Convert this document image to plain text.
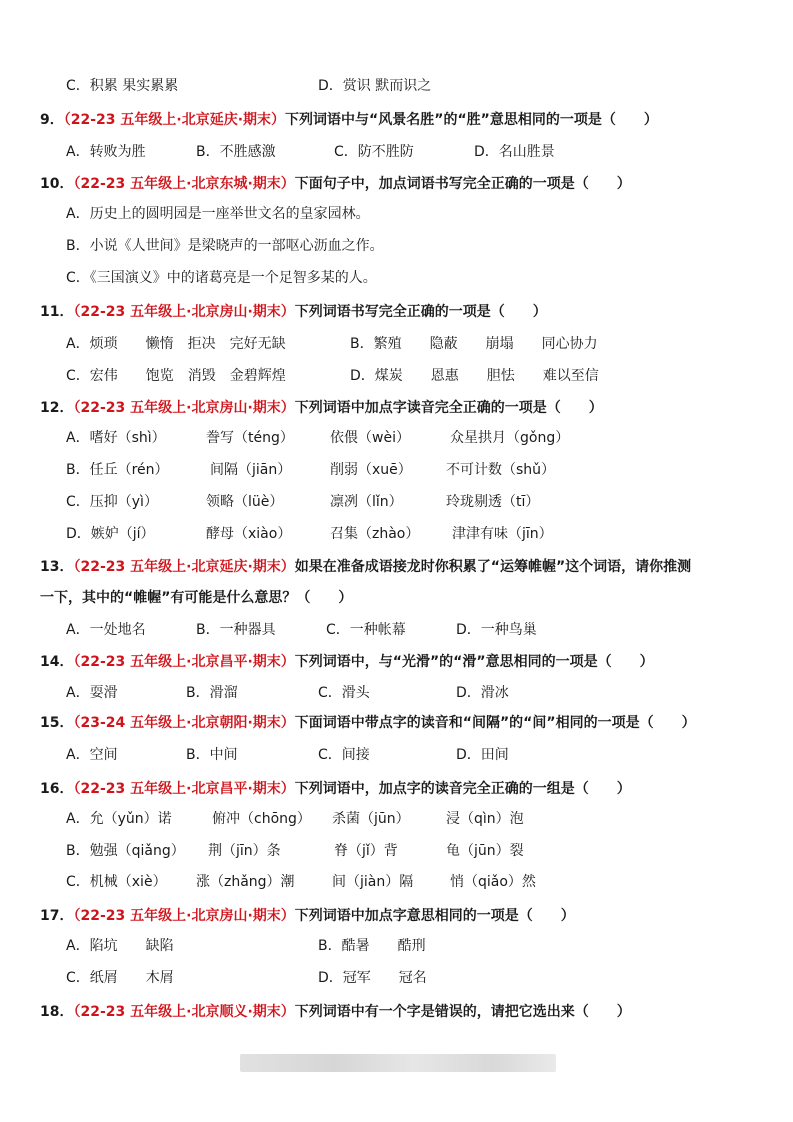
C．积累 果实累累	D．赏识 默而识之
9．（22-23 五年级上·北京延庆·期末）下列词语中与“风景名胜”的“胜”意思相同的一项是（　　）
A．转败为胜	B．不胜感激	C．防不胜防	D．名山胜景
10．（22-23 五年级上·北京东城·期末）下面句子中，加点词语书写完全正确的一项是（　　）
A．历史上的圆明园是一座举世文名的皇家园林。
B．小说《人世间》是梁晓声的一部呕心沥血之作。
C．《三国演义》中的诸葛亮是一个足智多某的人。
11．（22-23 五年级上·北京房山·期末）下列词语书写完全正确的一项是（　　）
A．烦琐　　懒惰　拒决　完好无缺	B．繁殖　　隐蔽　　崩塌　　同心协力
C．宏伟　　饱览　消毁　金碧辉煌	D．煤炭　　恩惠　　胆怯　　难以至信
12．（22-23 五年级上·北京房山·期末）下列词语中加点字读音完全正确的一项是（　　）
A．嗜好（shì）	誊写（téng）	依偎（wèi）	众星拱月（gǒng）
B．任丘（rén）	间隔（jiān）	削弱（xuē） 不可计数（shǔ）
C．压抑（yì）	领略（lüè）	凛冽（lǐn）	玲珑剔透（tī）
D．嫉妒（jí）	酵母（xiào）	召集（zhào） 津津有味（jīn）
13．（22-23 五年级上·北京延庆·期末）如果在准备成语接龙时你积累了“运筹帷幄”这个词语，请你推测
一下，其中的“帷幄”有可能是什么意思？（　　）
A．一处地名	B．一种器具	C．一种帐幕	D．一种鸟巢
14．（22-23 五年级上·北京昌平·期末）下列词语中，与“光滑”的“滑”意思相同的一项是（　　）
A．耍滑	B．滑溜	C．滑头	D．滑冰
15．（23-24 五年级上·北京朝阳·期末）下面词语中带点字的读音和“间隔”的“间”相同的一项是（　　）
A．空间	B．中间	C．间接	D．田间
16．（22-23 五年级上·北京昌平·期末）下列词语中，加点字的读音完全正确的一组是（　　）
A．允（yǔn）诺	俯冲（chōng） 杀菌（jūn）	浸（qìn）泡
B．勉强（qiǎng） 荆（jīn）条	脊（jǐ）背	龟（jūn）裂
C．机械（xiè） 涨（zhǎng）潮	间（jiàn）隔	悄（qiǎo）然
17．（22-23 五年级上·北京房山·期末）下列词语中加点字意思相同的一项是（　　）
A．陷坑　　缺陷	B．酷暑　　酷刑
C．纸屑　　木屑	D．冠军　　冠名
18．（22-23 五年级上·北京顺义·期末）下列词语中有一个字是错误的，请把它选出来（　　）
